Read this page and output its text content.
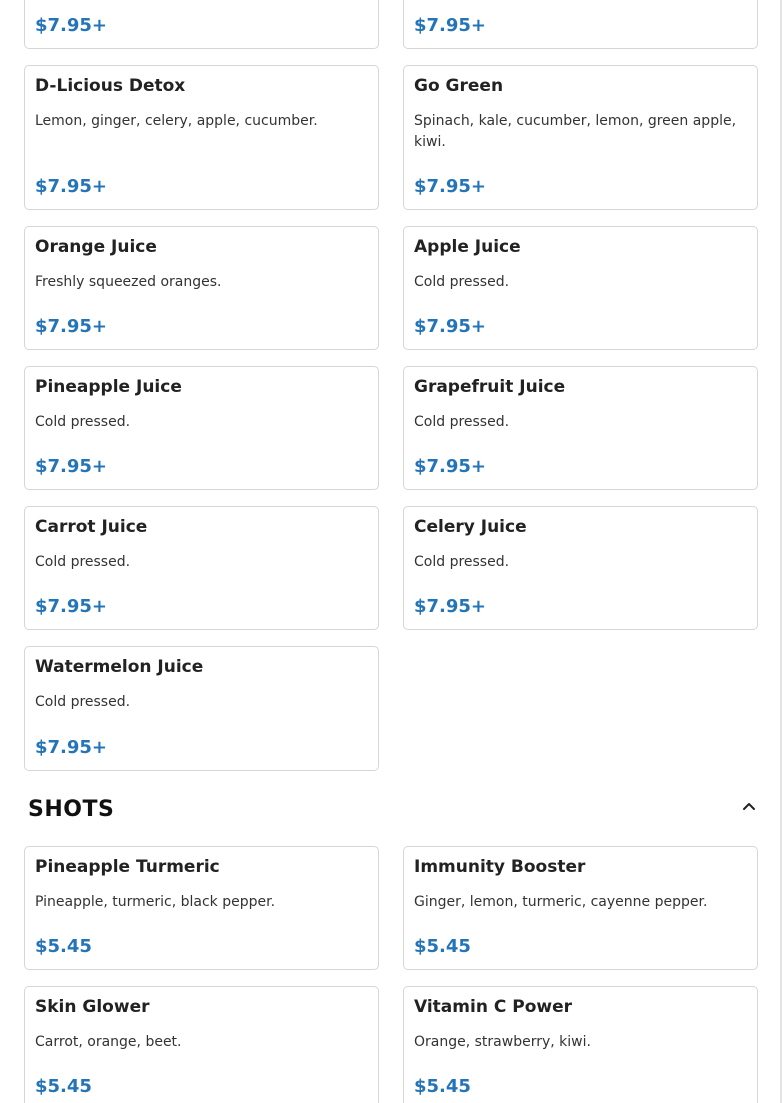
$7.95+	$7.95+
D-Licious Detox
Lemon, ginger, celery, apple, cucumber.
$7.95+
Go Green
Spinach, kale, cucumber, lemon, green apple, kiwi.
$7.95+
Orange Juice
Freshly squeezed oranges.
$7.95+
Apple Juice
Cold pressed.
$7.95+
Pineapple Juice
Cold pressed.
$7.95+
Grapefruit Juice
Cold pressed.
$7.95+
Carrot Juice
Cold pressed.
$7.95+
Celery Juice
Cold pressed.
$7.95+
Watermelon Juice
Cold pressed.
$7.95+
SHOTS
Pineapple Turmeric
Pineapple, turmeric, black pepper.
$5.45
Immunity Booster
Ginger, lemon, turmeric, cayenne pepper.
$5.45
Skin Glower
Carrot, orange, beet.
$5.45
Vitamin C Power
Orange, strawberry, kiwi.
$5.45
